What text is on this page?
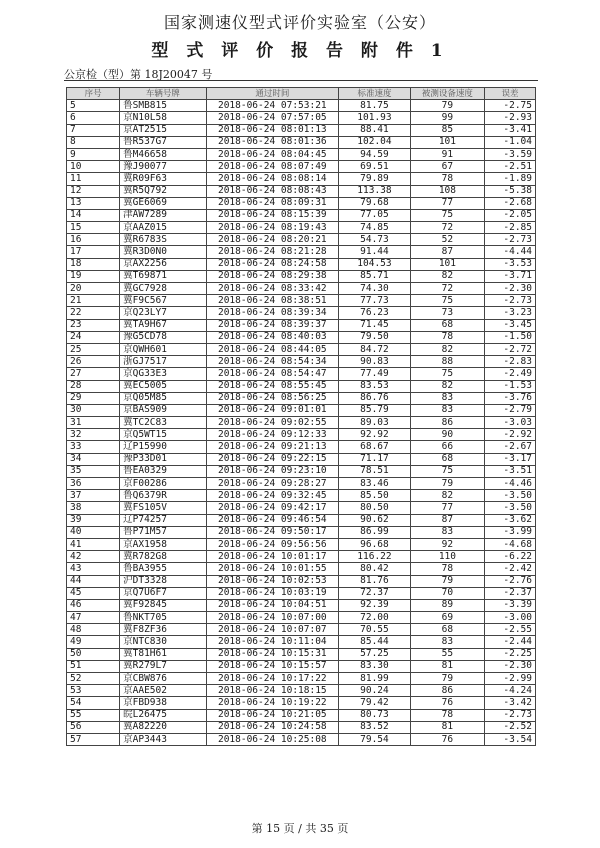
国家测速仪型式评价实验室（公安）
型 式 评 价 报 告 附 件 1
公京检（型）第 18J20047 号
序号	车辆号牌	通过时间	标准速度	被测设备速度	误差
5	鲁SMB815	2018-06-24 07:53:21	81.75	79	-2.75
6	京N10L58	2018-06-24 07:57:05	101.93	99	-2.93
7	京AT2515	2018-06-24 08:01:13	88.41	85	-3.41
8	鲁R537G7	2018-06-24 08:01:36	102.04	101	-1.04
9	鲁M46658	2018-06-24 08:04:45	94.59	91	-3.59
10	豫J90077	2018-06-24 08:07:49	69.51	67	-2.51
11	冀R09F63	2018-06-24 08:08:14	79.89	78	-1.89
12	冀R5Q792	2018-06-24 08:08:43	113.38	108	-5.38
13	冀GE6069	2018-06-24 08:09:31	79.68	77	-2.68
14	津AW7289	2018-06-24 08:15:39	77.05	75	-2.05
15	京AAZ015	2018-06-24 08:19:43	74.85	72	-2.85
16	冀R6783S	2018-06-24 08:20:21	54.73	52	-2.73
17	冀R3D0N0	2018-06-24 08:21:28	91.44	87	-4.44
18	京AX2256	2018-06-24 08:24:58	104.53	101	-3.53
19	冀T69871	2018-06-24 08:29:38	85.71	82	-3.71
20	冀GC7928	2018-06-24 08:33:42	74.30	72	-2.30
21	冀F9C567	2018-06-24 08:38:51	77.73	75	-2.73
22	京Q23LY7	2018-06-24 08:39:34	76.23	73	-3.23
23	冀TA9H67	2018-06-24 08:39:37	71.45	68	-3.45
24	豫G5CD78	2018-06-24 08:40:03	79.50	78	-1.50
25	京QWH601	2018-06-24 08:44:05	84.72	82	-2.72
26	浙GJ7517	2018-06-24 08:54:34	90.83	88	-2.83
27	京QG33E3	2018-06-24 08:54:47	77.49	75	-2.49
28	冀EC5005	2018-06-24 08:55:45	83.53	82	-1.53
29	京Q05M85	2018-06-24 08:56:25	86.76	83	-3.76
30	京BAS909	2018-06-24 09:01:01	85.79	83	-2.79
31	冀TC2C83	2018-06-24 09:02:55	89.03	86	-3.03
32	京Q5WT15	2018-06-24 09:12:33	92.92	90	-2.92
33	辽P15990	2018-06-24 09:21:13	68.67	66	-2.67
34	豫P33D01	2018-06-24 09:22:15	71.17	68	-3.17
35	鲁EA0329	2018-06-24 09:23:10	78.51	75	-3.51
36	京F00286	2018-06-24 09:28:27	83.46	79	-4.46
37	鲁Q6379R	2018-06-24 09:32:45	85.50	82	-3.50
38	冀FS105V	2018-06-24 09:42:17	80.50	77	-3.50
39	辽P74257	2018-06-24 09:46:54	90.62	87	-3.62
40	鲁P71M57	2018-06-24 09:50:17	86.99	83	-3.99
41	京AX1958	2018-06-24 09:56:56	96.68	92	-4.68
42	冀R782G8	2018-06-24 10:01:17	116.22	110	-6.22
43	鲁BA3955	2018-06-24 10:01:55	80.42	78	-2.42
44	沪DT3328	2018-06-24 10:02:53	81.76	79	-2.76
45	京Q7U6F7	2018-06-24 10:03:19	72.37	70	-2.37
46	冀F92845	2018-06-24 10:04:51	92.39	89	-3.39
47	鲁NKT705	2018-06-24 10:07:00	72.00	69	-3.00
48	冀F8ZF36	2018-06-24 10:07:07	70.55	68	-2.55
49	京NTC830	2018-06-24 10:11:04	85.44	83	-2.44
50	冀T81H61	2018-06-24 10:15:31	57.25	55	-2.25
51	冀R279L7	2018-06-24 10:15:57	83.30	81	-2.30
52	京CBW876	2018-06-24 10:17:22	81.99	79	-2.99
53	京AAE502	2018-06-24 10:18:15	90.24	86	-4.24
54	京FBD938	2018-06-24 10:19:22	79.42	76	-3.42
55	皖L26475	2018-06-24 10:21:05	80.73	78	-2.73
56	冀A82220	2018-06-24 10:24:58	83.52	81	-2.52
57	京AP3443	2018-06-24 10:25:08	79.54	76	-3.54
第 15 页 / 共 35 页
